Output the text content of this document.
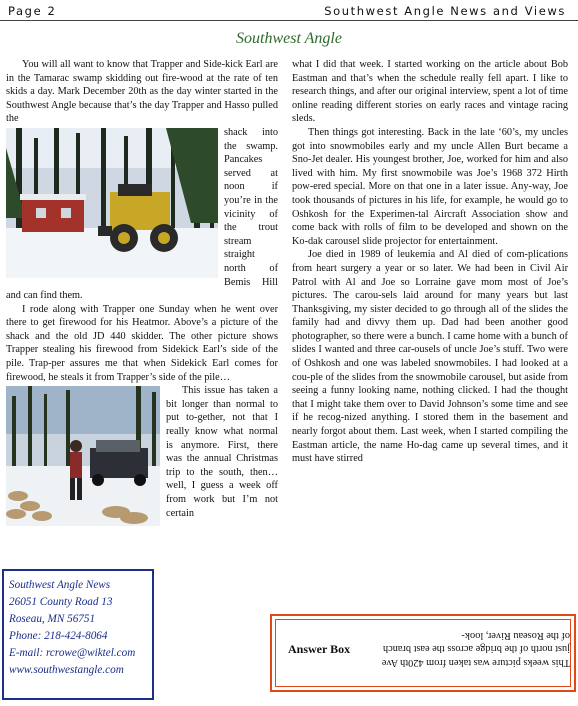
Page 2	Southwest Angle News and Views
Southwest Angle

You will all want to know that Trapper and Side-kick Earl are in the Tamarac swamp skidding out fire-wood at the rate of ten skids a day. Mark December 20th as the day winter started in the Southwest Angle because that’s the day Trapper and Hasso pulled the

shack into the swamp. Pancakes served at noon if you’re in the vicinity of the trout stream straight north of Bemis Hill and can find them.

I rode along with Trapper one Sunday when he went over there to get firewood for his Heatmor. Above’s a picture of the shack and the old JD 440 skidder. The other picture shows Trapper stealing his firewood from Sidekick Earl’s side of the pile. Trap-per assures me that when Sidekick Earl comes for firewood, he steals it from Trapper’s side of the pile…

This issue has taken a bit longer than normal to put to-gether, not that I really know what normal is anymore. First, there was the annual Christmas trip to the south, then…well, I guess a week off from work but I’m not certain

what I did that week. I started working on the article about Bob Eastman and that’s when the schedule really fell apart. I like to research things, and after our original interview, spent a lot of time online reading different stories on early races and vintage racing sleds.

Then things got interesting. Back in the late ‘60’s, my uncles got into snowmobiles early and my uncle Allen Burt became a Sno-Jet dealer. His youngest brother, Joe, worked for him and also lived with him. My first snowmobile was Joe’s 1968 372 Hirth pow-ered special. More on that one in a later issue. Any-way, Joe took thousands of pictures in his life, for example, he would go to Oshkosh for the Experimen-tal Aircraft Association show and come back with rolls of film to be developed and shown on the Ko-dak carousel slide projector for entertainment.

Joe died in 1989 of leukemia and Al died of com-plications from heart surgery a year or so later. We had been in Civil Air Patrol with Al and Joe so Lorraine gave mom most of Joe’s pictures. The carou-sels laid around for many years but last Thanksgiving, my sister decided to go through all of the slides the family had and divvy them up. Dad had been another good photographer, so there were a bunch. I came home with a bunch of slides I wanted and three car-ousels of uncle Joe’s stuff. Two were of Oshkosh and one was labeled snowmobiles. I had looked at a cou-ple of the slides from the snowmobile carousel, but aside from seeing a funny looking name, nothing clicked. I had the thought that I might take them over to David Johnson’s some time and see if he recog-nized anything. I stored them in the basement and nearly forgot about them. Last week, when I started compiling the Eastman article, the name Ho-dag came up several times, and it must have stirred

Southwest Angle News
26051 County Road 13
Roseau, MN 56751
Phone: 218-424-8064
E-mail: rcrowe@wiktel.com
www.southwestangle.com
Answer Box
This weeks picture was taken from 420th Ave just north of the bridge across the east branch of the Roseau River, look-
